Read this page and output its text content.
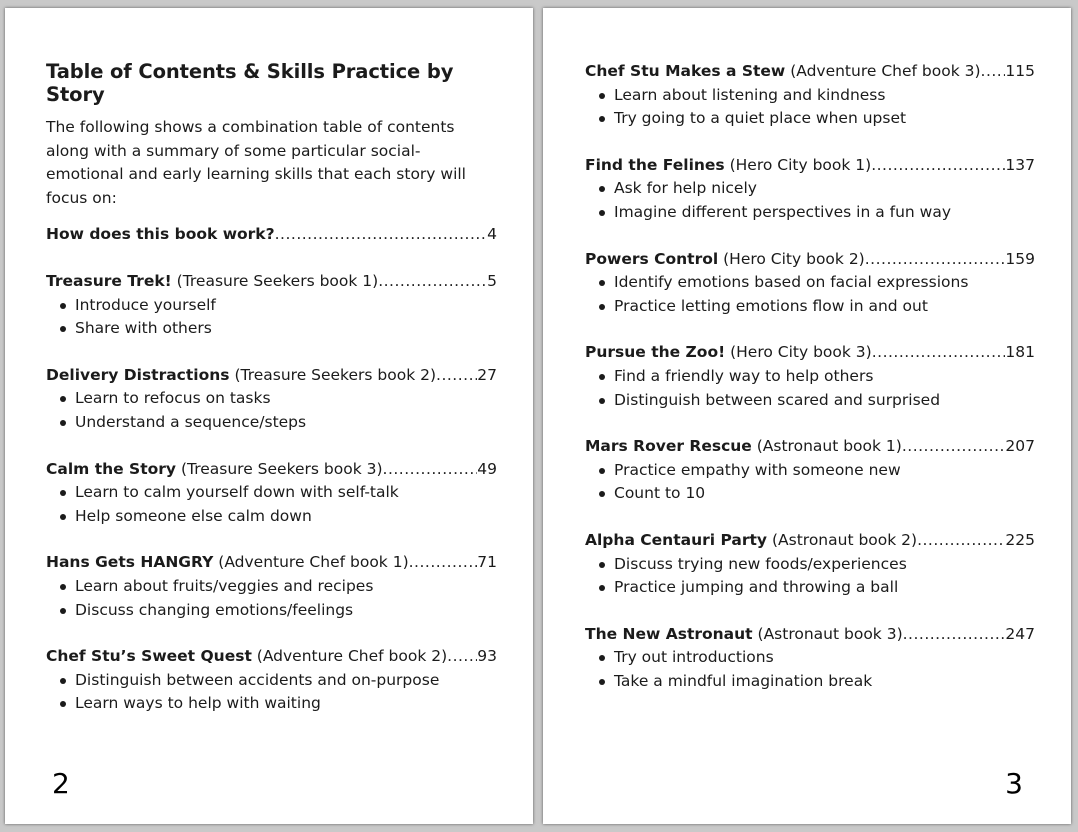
Table of Contents & Skills Practice by Story
The following shows a combination table of contents along with a summary of some particular social-emotional and early learning skills that each story will focus on:
How does this book work? .....	4
Treasure Trek!
(Treasure Seekers book 1) .....	5
Introduce yourself
Share with others
Delivery Distractions
(Treasure Seekers book 2) .....	27
Learn to refocus on tasks
Understand a sequence/steps
Calm the Story
(Treasure Seekers book 3) .....	49
Learn to calm yourself down with self-talk
Help someone else calm down
Hans Gets HANGRY
(Adventure Chef book 1) .....	71
Learn about fruits/veggies and recipes
Discuss changing emotions/feelings
Chef Stu’s Sweet Quest
(Adventure Chef book 2) ..... 93
Distinguish between accidents and on-purpose
Learn ways to help with waiting
2
Chef Stu Makes a Stew
(Adventure Chef book 3) ..... 115
Learn about listening and kindness
Try going to a quiet place when upset
Find the Felines
(Hero City book 1) .....	137
Ask for help nicely
Imagine different perspectives in a fun way
Powers Control
(Hero City book 2) .....	159
Identify emotions based on facial expressions
Practice letting emotions flow in and out
Pursue the Zoo!
(Hero City book 3) .....	181
Find a friendly way to help others
Distinguish between scared and surprised
Mars Rover Rescue
(Astronaut book 1) .....	207
Practice empathy with someone new
Count to 10
Alpha Centauri Party
(Astronaut book 2) .....	225
Discuss trying new foods/experiences
Practice jumping and throwing a ball
The New Astronaut
(Astronaut book 3) .....	247
Try out introductions
Take a mindful imagination break
3
